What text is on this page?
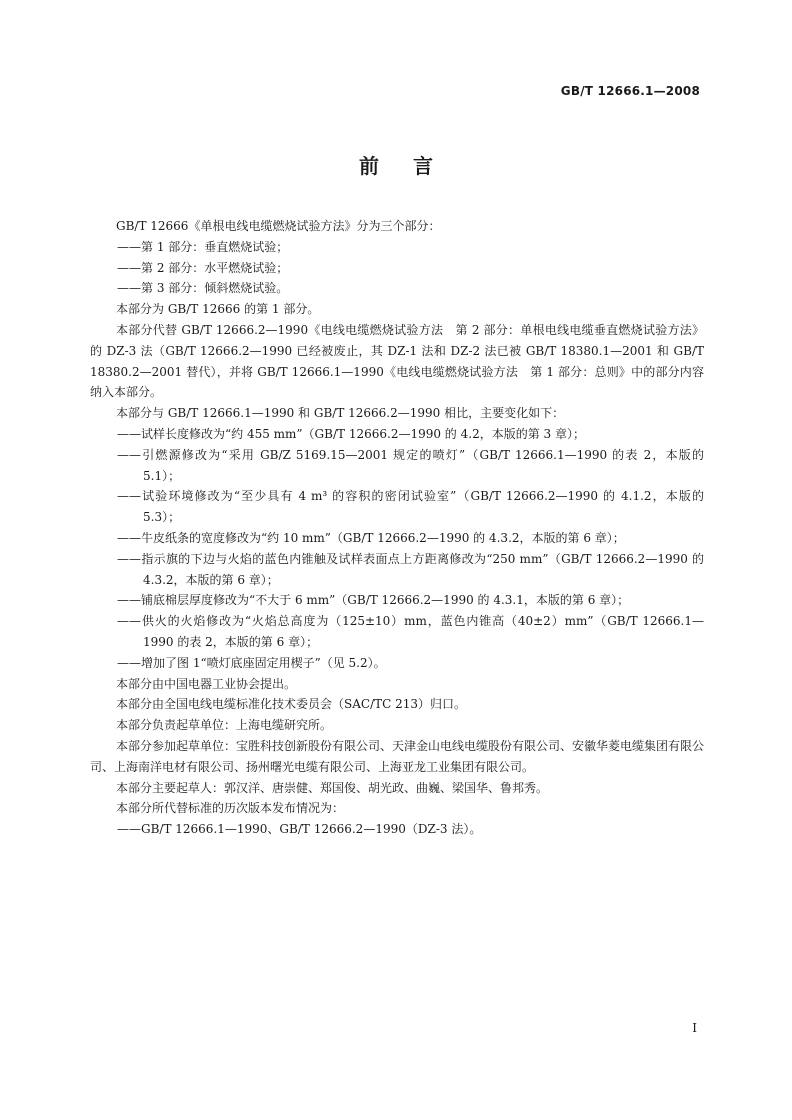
GB/T 12666.1—2008
前言

GB/T 12666《单根电线电缆燃烧试验方法》分为三个部分：

——第 1 部分：垂直燃烧试验；

——第 2 部分：水平燃烧试验；

——第 3 部分：倾斜燃烧试验。

本部分为 GB/T 12666 的第 1 部分。

本部分代替 GB/T 12666.2—1990《电线电缆燃烧试验方法　第 2 部分：单根电线电缆垂直燃烧试验方法》的 DZ-3 法（GB/T 12666.2—1990 已经被废止，其 DZ-1 法和 DZ-2 法已被 GB/T 18380.1—2001 和 GB/T 18380.2—2001 替代），并将 GB/T 12666.1—1990《电线电缆燃烧试验方法　第 1 部分：总则》中的部分内容纳入本部分。

本部分与 GB/T 12666.1—1990 和 GB/T 12666.2—1990 相比，主要变化如下：

——试样长度修改为“约 455 mm”（GB/T 12666.2—1990 的 4.2，本版的第 3 章）；

——引燃源修改为“采用 GB/Z 5169.15—2001 规定的喷灯”（GB/T 12666.1—1990 的表 2，本版的 5.1）；

——试验环境修改为“至少具有 4 m³ 的容积的密闭试验室”（GB/T 12666.2—1990 的 4.1.2，本版的 5.3）；

——牛皮纸条的宽度修改为“约 10 mm”（GB/T 12666.2—1990 的 4.3.2，本版的第 6 章）；

——指示旗的下边与火焰的蓝色内锥触及试样表面点上方距离修改为“250 mm”（GB/T 12666.2—1990 的 4.3.2，本版的第 6 章）；

——铺底棉层厚度修改为“不大于 6 mm”（GB/T 12666.2—1990 的 4.3.1，本版的第 6 章）；

——供火的火焰修改为“火焰总高度为（125±10）mm，蓝色内锥高（40±2）mm”（GB/T 12666.1—1990 的表 2，本版的第 6 章）；

——增加了图 1“喷灯底座固定用楔子”（见 5.2）。

本部分由中国电器工业协会提出。

本部分由全国电线电缆标准化技术委员会（SAC/TC 213）归口。

本部分负责起草单位：上海电缆研究所。

本部分参加起草单位：宝胜科技创新股份有限公司、天津金山电线电缆股份有限公司、安徽华菱电缆集团有限公司、上海南洋电材有限公司、扬州曙光电缆有限公司、上海亚龙工业集团有限公司。

本部分主要起草人：郭汉洋、唐崇健、郑国俊、胡光政、曲巍、梁国华、鲁邦秀。

本部分所代替标准的历次版本发布情况为：

——GB/T 12666.1—1990、GB/T 12666.2—1990（DZ-3 法）。

I
